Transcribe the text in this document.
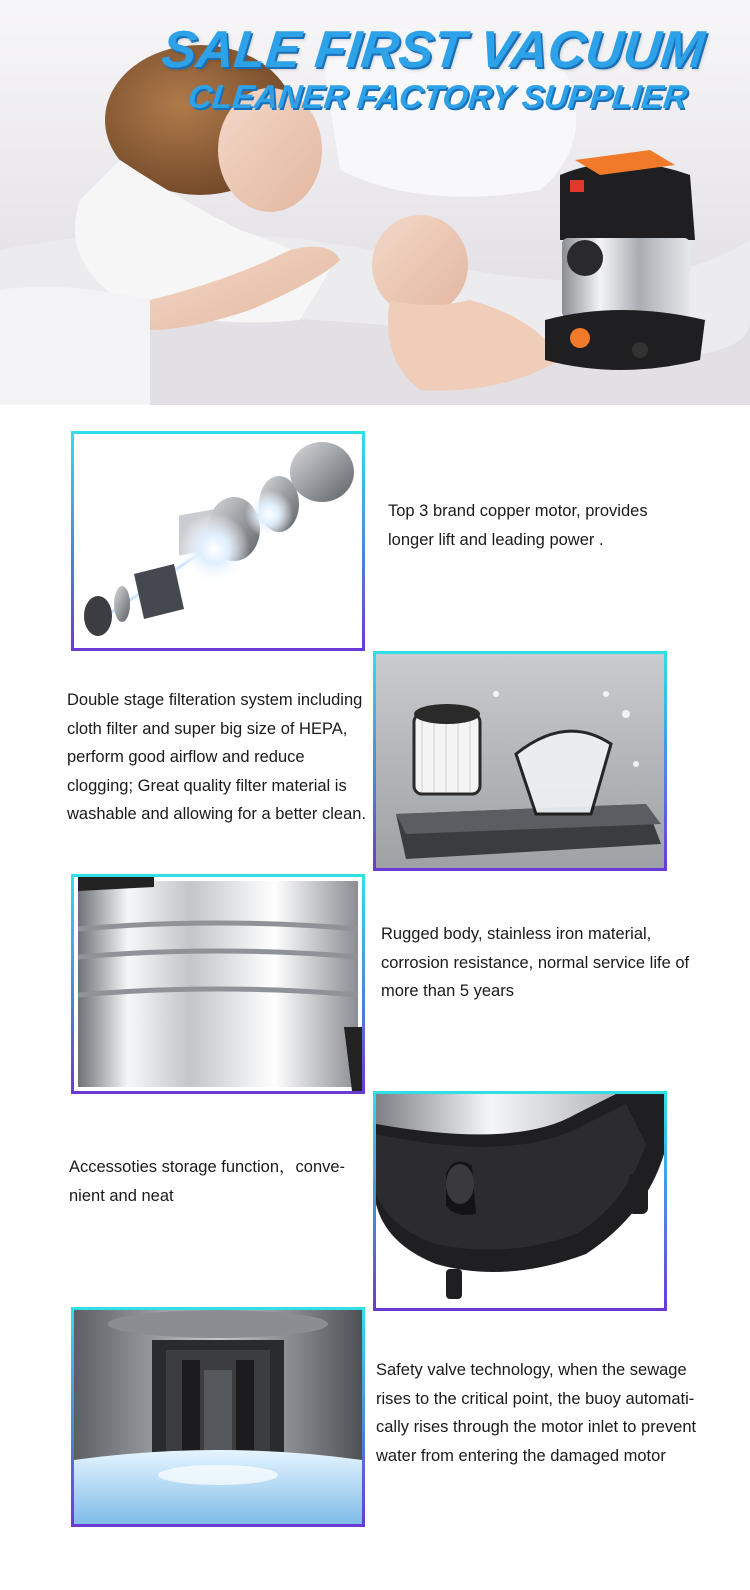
SALE FIRST VACUUM
CLEANER FACTORY SUPPLIER
Top 3 brand copper motor, provides longer lift and leading power .
Double stage filteration system including cloth filter and super big size of HEPA, perform good airflow and reduce clogging; Great quality filter material is washable and allowing for a better clean.
Rugged body, stainless iron material, corrosion resistance, normal service life of more than 5 years
Accessoties storage function，conve-nient and neat
Safety valve technology, when the sewage rises to the critical point, the buoy automati-cally rises through the motor inlet to prevent water from entering the damaged motor
